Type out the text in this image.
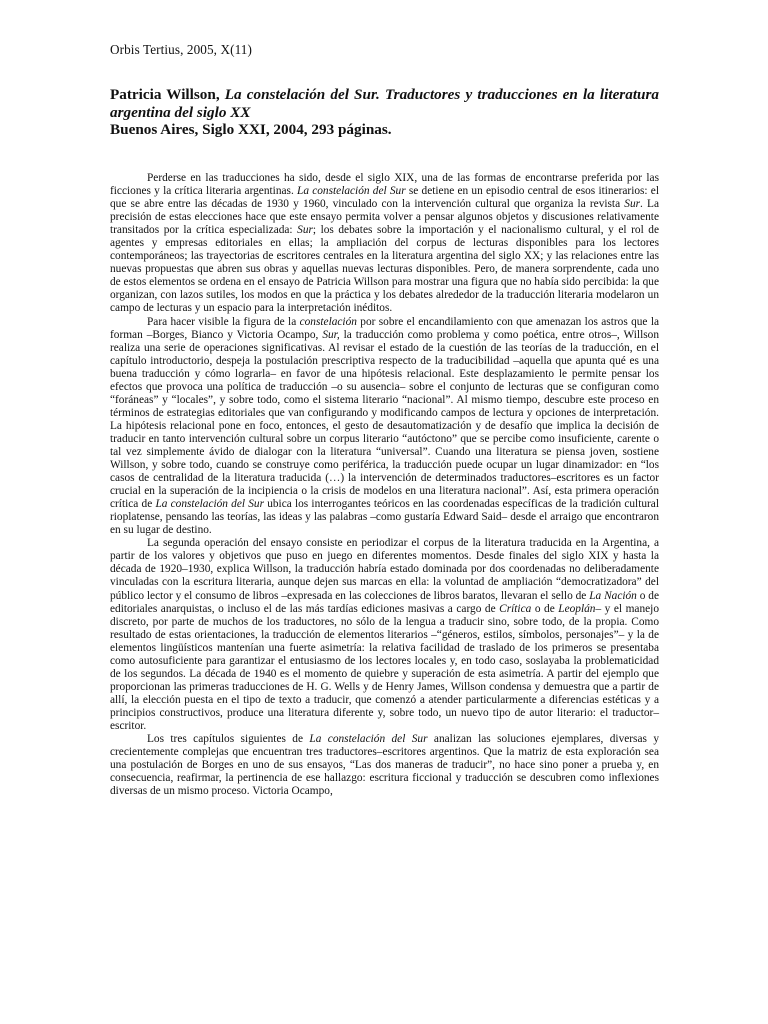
Orbis Tertius, 2005, X(11)
Patricia Willson, La constelación del Sur. Traductores y traducciones en la literatura argentina del siglo XX
Buenos Aires, Siglo XXI, 2004, 293 páginas.

Perderse en las traducciones ha sido, desde el siglo XIX, una de las formas de encontrarse preferida por las ficciones y la crítica literaria argentinas. La constelación del Sur se detiene en un episodio central de esos itinerarios: el que se abre entre las décadas de 1930 y 1960, vinculado con la intervención cultural que organiza la revista Sur. La precisión de estas elecciones hace que este ensayo permita volver a pensar algunos objetos y discusiones relativamente transitados por la crítica especializada: Sur; los debates sobre la importación y el nacionalismo cultural, y el rol de agentes y empresas editoriales en ellas; la ampliación del corpus de lecturas disponibles para los lectores contemporáneos; las trayectorias de escritores centrales en la literatura argentina del siglo XX; y las relaciones entre las nuevas propuestas que abren sus obras y aquellas nuevas lecturas disponibles. Pero, de manera sorprendente, cada uno de estos elementos se ordena en el ensayo de Patricia Willson para mostrar una figura que no había sido percibida: la que organizan, con lazos sutiles, los modos en que la práctica y los debates alrededor de la traducción literaria modelaron un campo de lecturas y un espacio para la interpretación inéditos.

Para hacer visible la figura de la constelación por sobre el encandilamiento con que amenazan los astros que la forman –Borges, Bianco y Victoria Ocampo, Sur, la traducción como problema y como poética, entre otros–, Willson realiza una serie de operaciones significativas. Al revisar el estado de la cuestión de las teorías de la traducción, en el capítulo introductorio, despeja la postulación prescriptiva respecto de la traducibilidad –aquella que apunta qué es una buena traducción y cómo lograrla– en favor de una hipótesis relacional. Este desplazamiento le permite pensar los efectos que provoca una política de traducción –o su ausencia– sobre el conjunto de lecturas que se configuran como “foráneas” y “locales”, y sobre todo, como el sistema literario “nacional”. Al mismo tiempo, descubre este proceso en términos de estrategias editoriales que van configurando y modificando campos de lectura y opciones de interpretación. La hipótesis relacional pone en foco, entonces, el gesto de desautomatización y de desafío que implica la decisión de traducir en tanto intervención cultural sobre un corpus literario “autóctono” que se percibe como insuficiente, carente o tal vez simplemente ávido de dialogar con la literatura “universal”. Cuando una literatura se piensa joven, sostiene Willson, y sobre todo, cuando se construye como periférica, la traducción puede ocupar un lugar dinamizador: en “los casos de centralidad de la literatura traducida (…) la intervención de determinados traductores–escritores es un factor crucial en la superación de la incipiencia o la crisis de modelos en una literatura nacional”. Así, esta primera operación crítica de La constelación del Sur ubica los interrogantes teóricos en las coordenadas específicas de la tradición cultural rioplatense, pensando las teorías, las ideas y las palabras –como gustaría Edward Said– desde el arraigo que encontraron en su lugar de destino.

La segunda operación del ensayo consiste en periodizar el corpus de la literatura traducida en la Argentina, a partir de los valores y objetivos que puso en juego en diferentes momentos. Desde finales del siglo XIX y hasta la década de 1920–1930, explica Willson, la traducción habría estado dominada por dos coordenadas no deliberadamente vinculadas con la escritura literaria, aunque dejen sus marcas en ella: la voluntad de ampliación “democratizadora” del público lector y el consumo de libros –expresada en las colecciones de libros baratos, llevaran el sello de La Nación o de editoriales anarquistas, o incluso el de las más tardías ediciones masivas a cargo de Crítica o de Leoplán– y el manejo discreto, por parte de muchos de los traductores, no sólo de la lengua a traducir sino, sobre todo, de la propia. Como resultado de estas orientaciones, la traducción de elementos literarios –“géneros, estilos, símbolos, personajes”– y la de elementos lingüísticos mantenían una fuerte asimetría: la relativa facilidad de traslado de los primeros se presentaba como autosuficiente para garantizar el entusiasmo de los lectores locales y, en todo caso, soslayaba la problematicidad de los segundos. La década de 1940 es el momento de quiebre y superación de esta asimetría. A partir del ejemplo que proporcionan las primeras traducciones de H. G. Wells y de Henry James, Willson condensa y demuestra que a partir de allí, la elección puesta en el tipo de texto a traducir, que comenzó a atender particularmente a diferencias estéticas y a principios constructivos, produce una literatura diferente y, sobre todo, un nuevo tipo de autor literario: el traductor–escritor.

Los tres capítulos siguientes de La constelación del Sur analizan las soluciones ejemplares, diversas y crecientemente complejas que encuentran tres traductores–escritores argentinos. Que la matriz de esta exploración sea una postulación de Borges en uno de sus ensayos, “Las dos maneras de traducir”, no hace sino poner a prueba y, en consecuencia, reafirmar, la pertinencia de ese hallazgo: escritura ficcional y traducción se descubren como inflexiones diversas de un mismo proceso. Victoria Ocampo,
